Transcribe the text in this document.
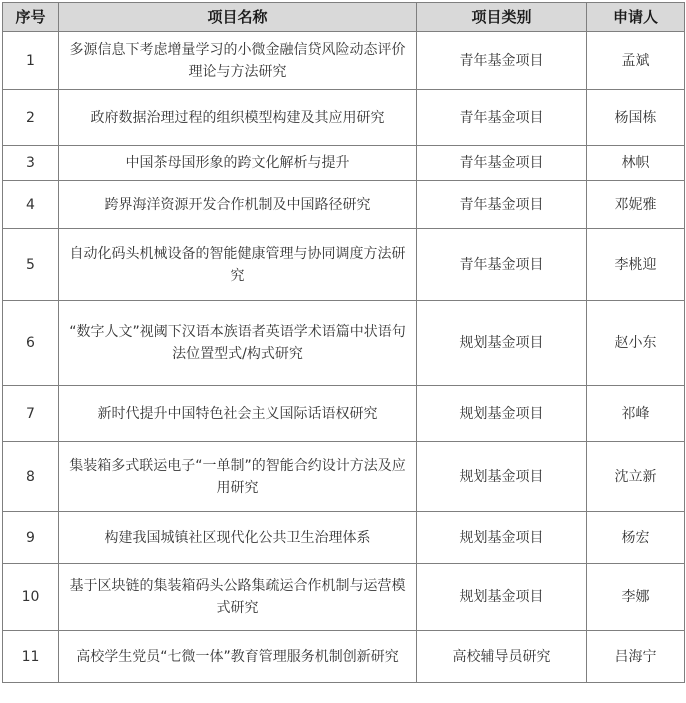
序号	项目名称	项目类别	申请人
1	多源信息下考虑增量学习的小微金融信贷风险动态评价理论与方法研究	青年基金项目	孟斌
2	政府数据治理过程的组织模型构建及其应用研究	青年基金项目	杨国栋
3	中国茶母国形象的跨文化解析与提升	青年基金项目	林帜
4	跨界海洋资源开发合作机制及中国路径研究	青年基金项目	邓妮雅
5	自动化码头机械设备的智能健康管理与协同调度方法研究	青年基金项目	李桃迎
6	“数字人文”视阈下汉语本族语者英语学术语篇中状语句法位置型式/构式研究	规划基金项目	赵小东
7	新时代提升中国特色社会主义国际话语权研究	规划基金项目	祁峰
8	集装箱多式联运电子“一单制”的智能合约设计方法及应用研究	规划基金项目	沈立新
9	构建我国城镇社区现代化公共卫生治理体系	规划基金项目	杨宏
10	基于区块链的集装箱码头公路集疏运合作机制与运营模式研究	规划基金项目	李娜
11	高校学生党员“七微一体”教育管理服务机制创新研究	高校辅导员研究	吕海宁
